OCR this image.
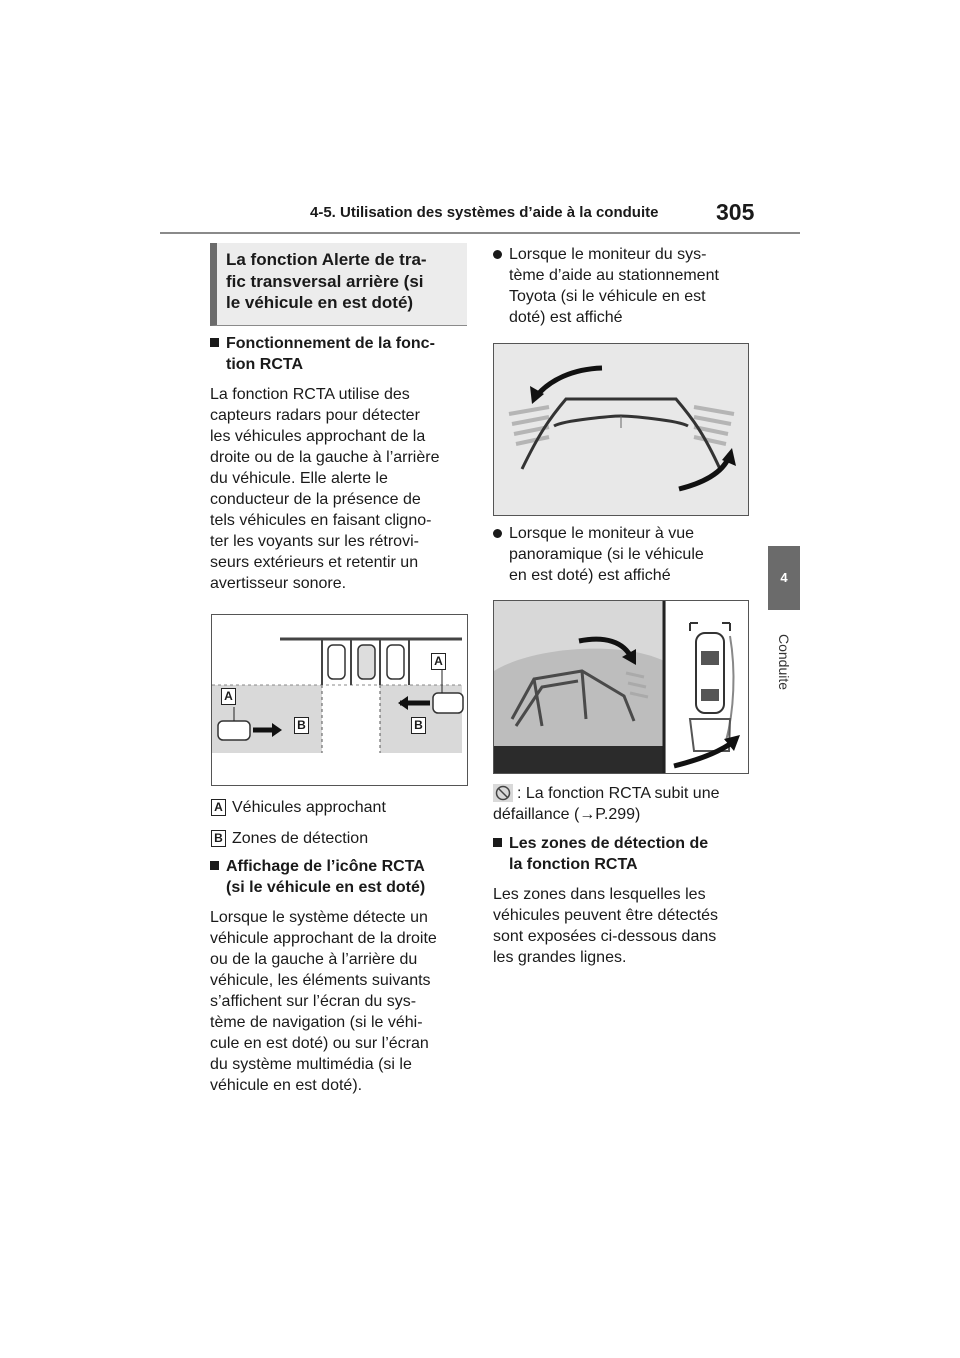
4-5. Utilisation des systèmes d’aide à la conduite	305
4
Conduite
La fonction Alerte de tra-
fic transversal arrière (si
le véhicule en est doté)
Fonctionnement de la fonc-
tion RCTA
La fonction RCTA utilise des
capteurs radars pour détecter
les véhicules approchant de la
droite ou de la gauche à l’arrière
du véhicule. Elle alerte le
conducteur de la présence de
tels véhicules en faisant cligno-
ter les voyants sur les rétrovi-
seurs extérieurs et retentir un
avertisseur sonore.
A
A
B	B
A Véhicules approchant
B Zones de détection
Affichage de l’icône RCTA
(si le véhicule en est doté)
Lorsque le système détecte un
véhicule approchant de la droite
ou de la gauche à l’arrière du
véhicule, les éléments suivants
s’affichent sur l’écran du sys-
tème de navigation (si le véhi-
cule en est doté) ou sur l’écran
du système multimédia (si le
véhicule en est doté).
Lorsque le moniteur du sys-
tème d’aide au stationnement
Toyota (si le véhicule en est
doté) est affiché
Lorsque le moniteur à vue
panoramique (si le véhicule
en est doté) est affiché
: La fonction RCTA subit une
défaillance (→P.299)
Les zones de détection de
la fonction RCTA
Les zones dans lesquelles les
véhicules peuvent être détectés
sont exposées ci-dessous dans
les grandes lignes.
